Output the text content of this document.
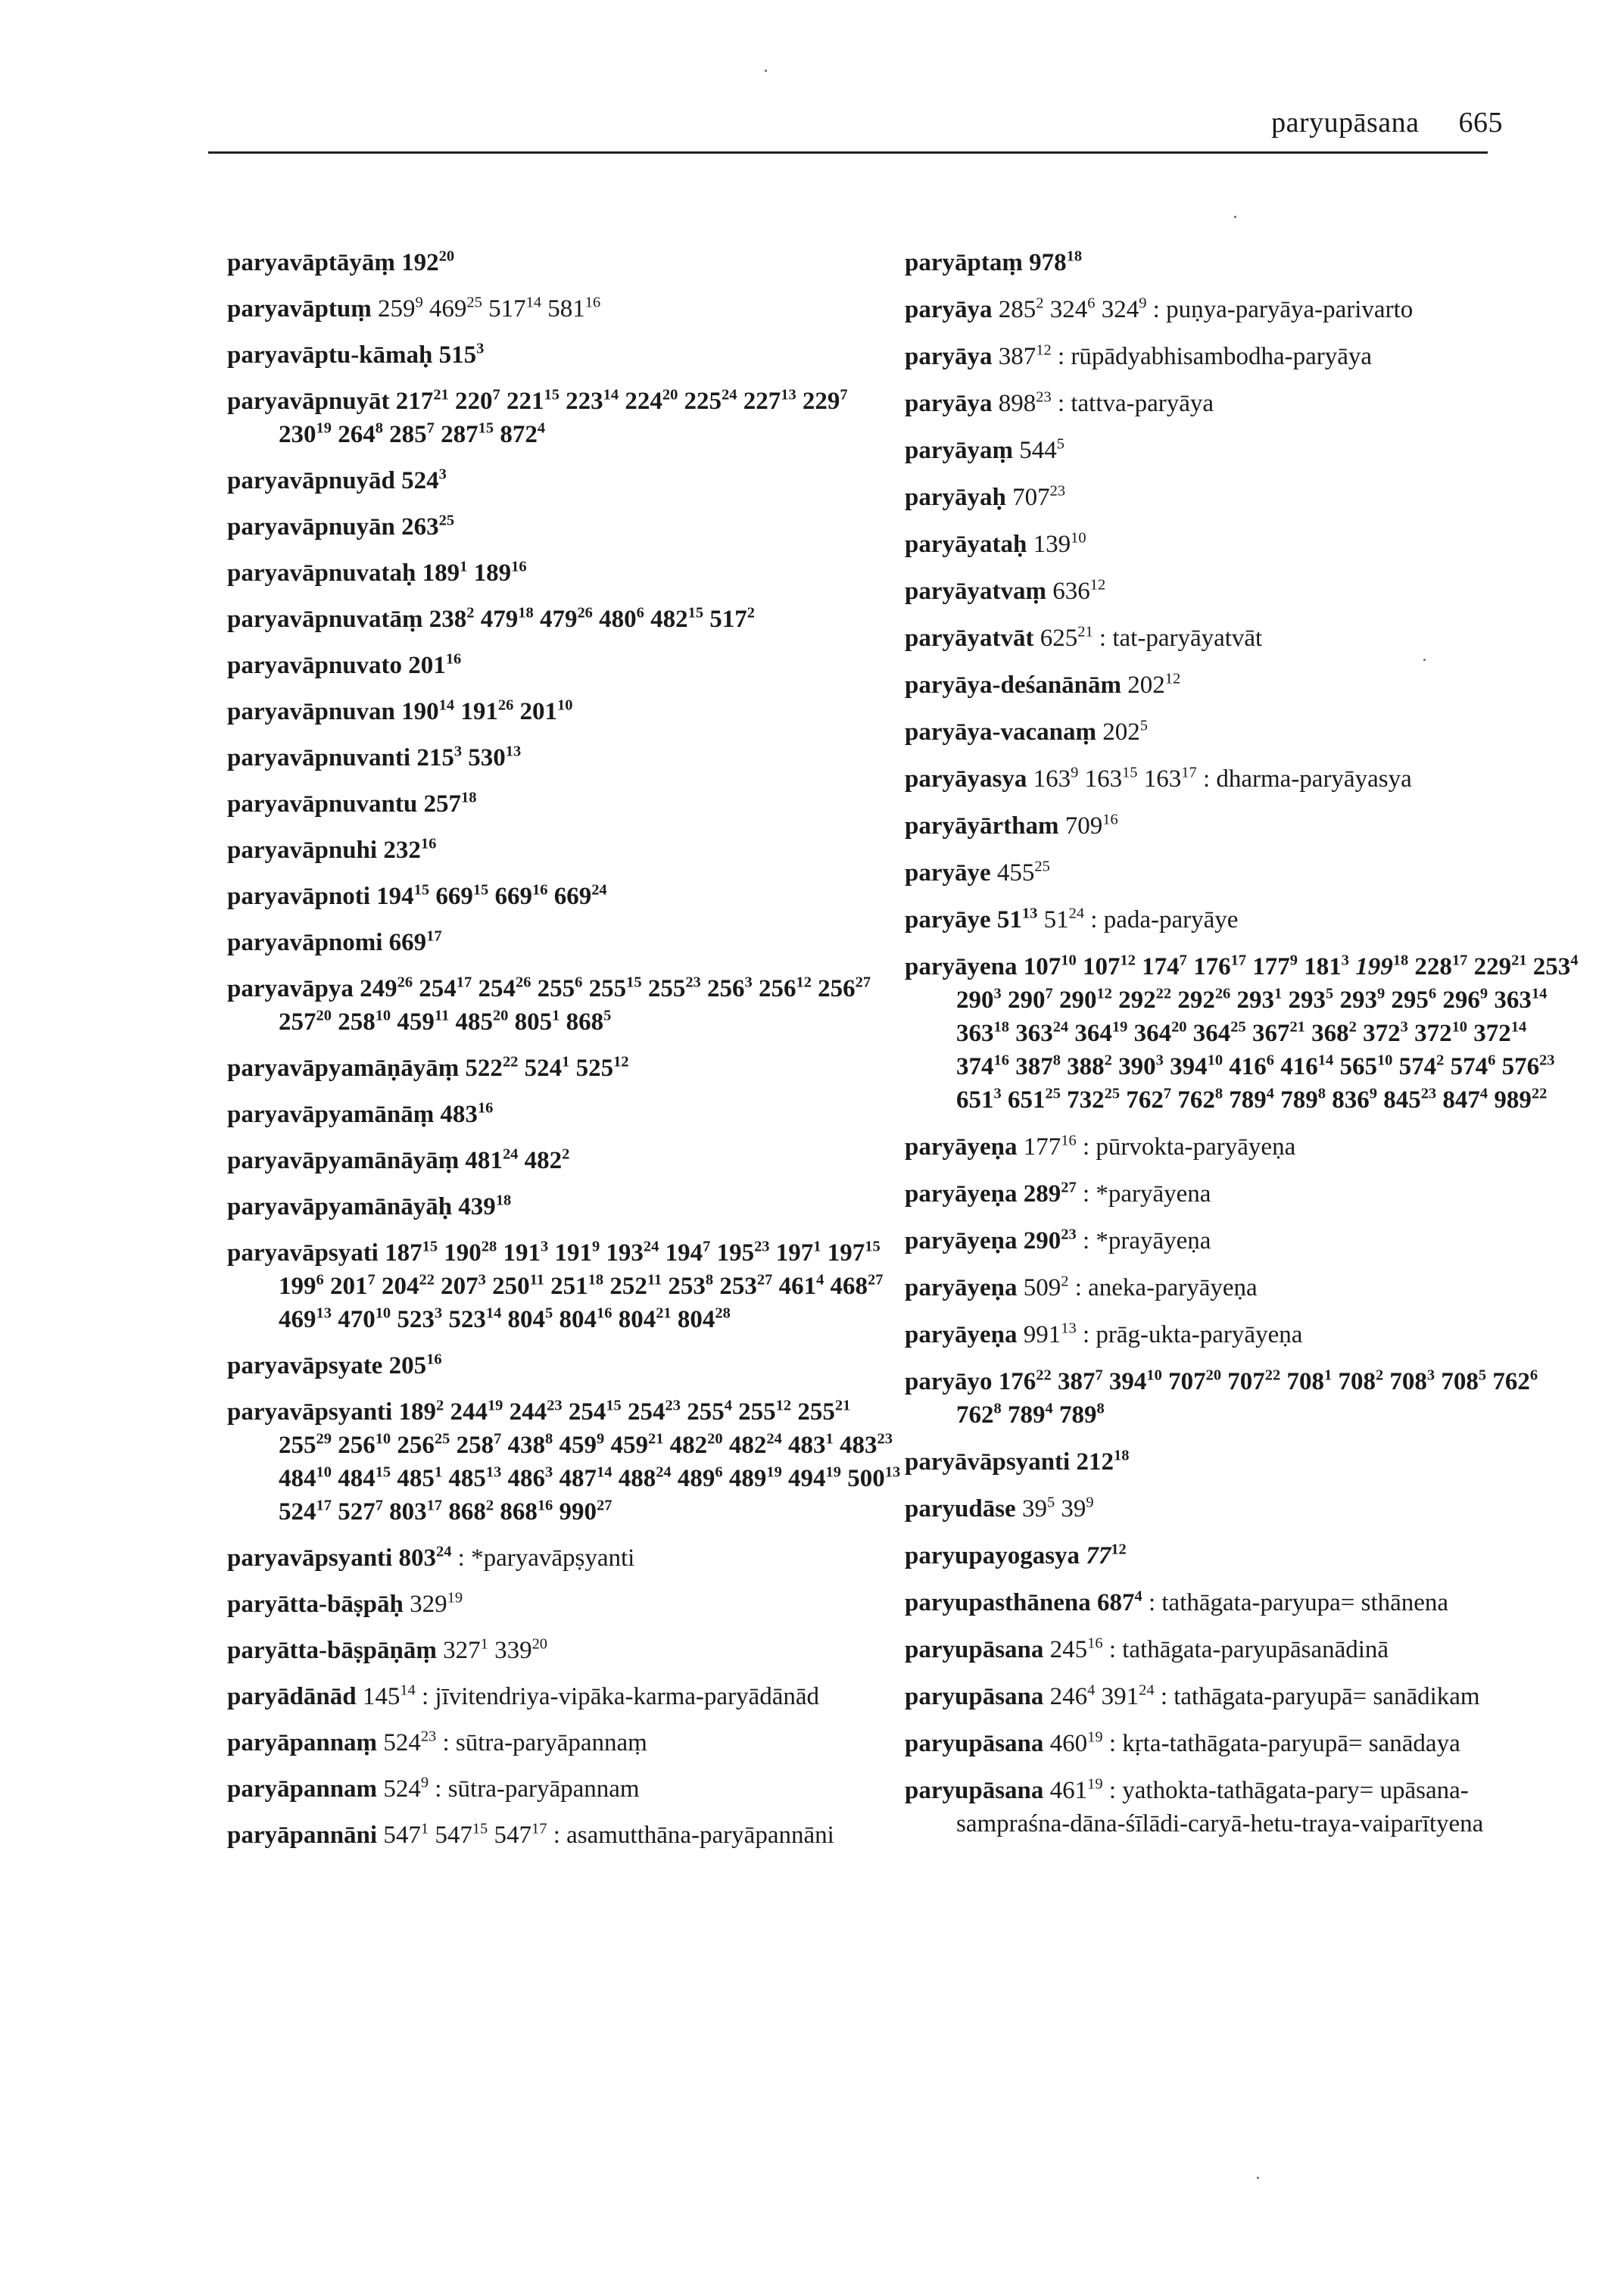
paryupāsana 665
paryavāptāyāṃ $192^{20}$
paryavāptuṃ $259^9$ $469^{25}$ $517^{14}$ $581^{16}$
paryavāptu-kāmaḥ $515^3$
paryavāpnuyāt $217^{21}$ $220^7$ $221^{15}$ $223^{14}$ $224^{20}$ $225^{24}$ $227^{13}$ $229^7$ $230^{19}$ $264^8$ $285^7$ $287^{15}$ $872^4$
paryavāpnuyād $524^3$
paryavāpnuyān $263^{25}$
paryavāpnuvataḥ $189^1$ $189^{16}$
paryavāpnuvatāṃ $238^2$ $479^{18}$ $479^{26}$ $480^6$ $482^{15}$ $517^2$
paryavāpnuvato $201^{16}$
paryavāpnuvan $190^{14}$ $191^{26}$ $201^{10}$
paryavāpnuvanti $215^3$ $530^{13}$
paryavāpnuvantu $257^{18}$
paryavāpnuhi $232^{16}$
paryavāpnoti $194^{15}$ $669^{15}$ $669^{16}$ $669^{24}$
paryavāpnomi $669^{17}$
paryavāpya $249^{26}$ $254^{17}$ $254^{26}$ $255^6$ $255^{15}$ $255^{23}$ $256^3$ $256^{12}$ $256^{27}$ $257^{20}$ $258^{10}$ $459^{11}$ $485^{20}$ $805^1$ $868^5$
paryavāpyamāṇāyāṃ $522^{22}$ $524^1$ $525^{12}$
paryavāpyamānāṃ $483^{16}$
paryavāpyamānāyāṃ $481^{24}$ $482^2$
paryavāpyamānāyāḥ $439^{18}$
paryavāpsyati $187^{15}$ $190^{28}$ $191^3$ $191^9$ $193^{24}$ $194^7$ $195^{23}$ $197^1$ $197^{15}$ $199^6$ $201^7$ $204^{22}$ $207^3$ $250^{11}$ $251^{18}$ $252^{11}$ $253^8$ $253^{27}$ $461^4$ $468^{27}$ $469^{13}$ $470^{10}$ $523^3$ $523^{14}$ $804^5$ $804^{16}$ $804^{21}$ $804^{28}$
paryavāpsyate $205^{16}$
paryavāpsyanti $189^2$ $244^{19}$ $244^{23}$ $254^{15}$ $254^{23}$ $255^4$ $255^{12}$ $255^{21}$ $255^{29}$ $256^{10}$ $256^{25}$ $258^7$ $438^8$ $459^9$ $459^{21}$ $482^{20}$ $482^{24}$ $483^1$ $483^{23}$ $484^{10}$ $484^{15}$ $485^1$ $485^{13}$ $486^3$ $487^{14}$ $488^{24}$ $489^6$ $489^{19}$ $494^{19}$ $500^{13}$ $524^{17}$ $527^7$ $803^{17}$ $868^2$ $868^{16}$ $990^{27}$
paryavāpsyanti $803^{24}$ : *paryavāpṣyanti
paryātta-bāṣpāḥ $329^{19}$
paryātta-bāṣpāṇāṃ $327^1$ $339^{20}$
paryādānād $145^{14}$ : jīvitendriya-vipāka-karma-paryādānād
paryāpannaṃ $524^{23}$ : sūtra-paryāpannaṃ
paryāpannam $524^9$ : sūtra-paryāpannam
paryāpannāni $547^1$ $547^{15}$ $547^{17}$ : asamutthāna-paryāpannāni
paryāptaṃ $978^{18}$
paryāya $285^2$ $324^6$ $324^9$ : puṇya-paryāya-parivarto
paryāya $387^{12}$ : rūpādyabhisambodha-paryāya
paryāya $898^{23}$ : tattva-paryāya
paryāyaṃ $544^5$
paryāyaḥ $707^{23}$
paryāyataḥ $139^{10}$
paryāyatvaṃ $636^{12}$
paryāyatvāt $625^{21}$ : tat-paryāyatvāt
paryāya-deśanānām $202^{12}$
paryāya-vacanaṃ $202^5$
paryāyasya $163^9$ $163^{15}$ $163^{17}$ : dharma-paryāyasya
paryāyārtham $709^{16}$
paryāye $455^{25}$
paryāye $51^{13}$ $51^{24}$ : pada-paryāye
paryāyena $107^{10}$ $107^{12}$ $174^7$ $176^{17}$ $177^9$ $181^3$ $199^{18}$ $228^{17}$ $229^{21}$ $253^4$ $290^3$ $290^7$ $290^{12}$ $292^{22}$ $292^{26}$ $293^1$ $293^5$ $293^9$ $295^6$ $296^9$ $363^{14}$ $363^{18}$ $363^{24}$ $364^{19}$ $364^{20}$ $364^{25}$ $367^{21}$ $368^2$ $372^3$ $372^{10}$ $372^{14}$ $374^{16}$ $387^8$ $388^2$ $390^3$ $394^{10}$ $416^6$ $416^{14}$ $565^{10}$ $574^2$ $574^6$ $576^{23}$ $651^3$ $651^{25}$ $732^{25}$ $762^7$ $762^8$ $789^4$ $789^8$ $836^9$ $845^{23}$ $847^4$ $989^{22}$
paryāyeṇa $177^{16}$ : pūrvokta-paryāyeṇa
paryāyeṇa $289^{27}$ : *paryāyena
paryāyeṇa $290^{23}$ : *prayāyeṇa
paryāyeṇa $509^2$ : aneka-paryāyeṇa
paryāyeṇa $991^{13}$ : prāg-ukta-paryāyeṇa
paryāyo $176^{22}$ $387^7$ $394^{10}$ $707^{20}$ $707^{22}$ $708^1$ $708^2$ $708^3$ $708^5$ $762^6$ $762^8$ $789^4$ $789^8$
paryāvāpsyanti $212^{18}$
paryudāse $39^5$ $39^9$
paryupayogasya $77^{12}$
paryupasthānena $687^4$ : tathāgata-paryupa= sthānena
paryupāsana $245^{16}$ : tathāgata-paryupāsanādinā
paryupāsana $246^4$ $391^{24}$ : tathāgata-paryupā= sanādikam
paryupāsana $460^{19}$ : kṛta-tathāgata-paryupā= sanādaya
paryupāsana $461^{19}$ : yathokta-tathāgata-pary= upāsana-sampraśna-dāna-śīlādi-caryā-hetu-traya-vaiparītyena
